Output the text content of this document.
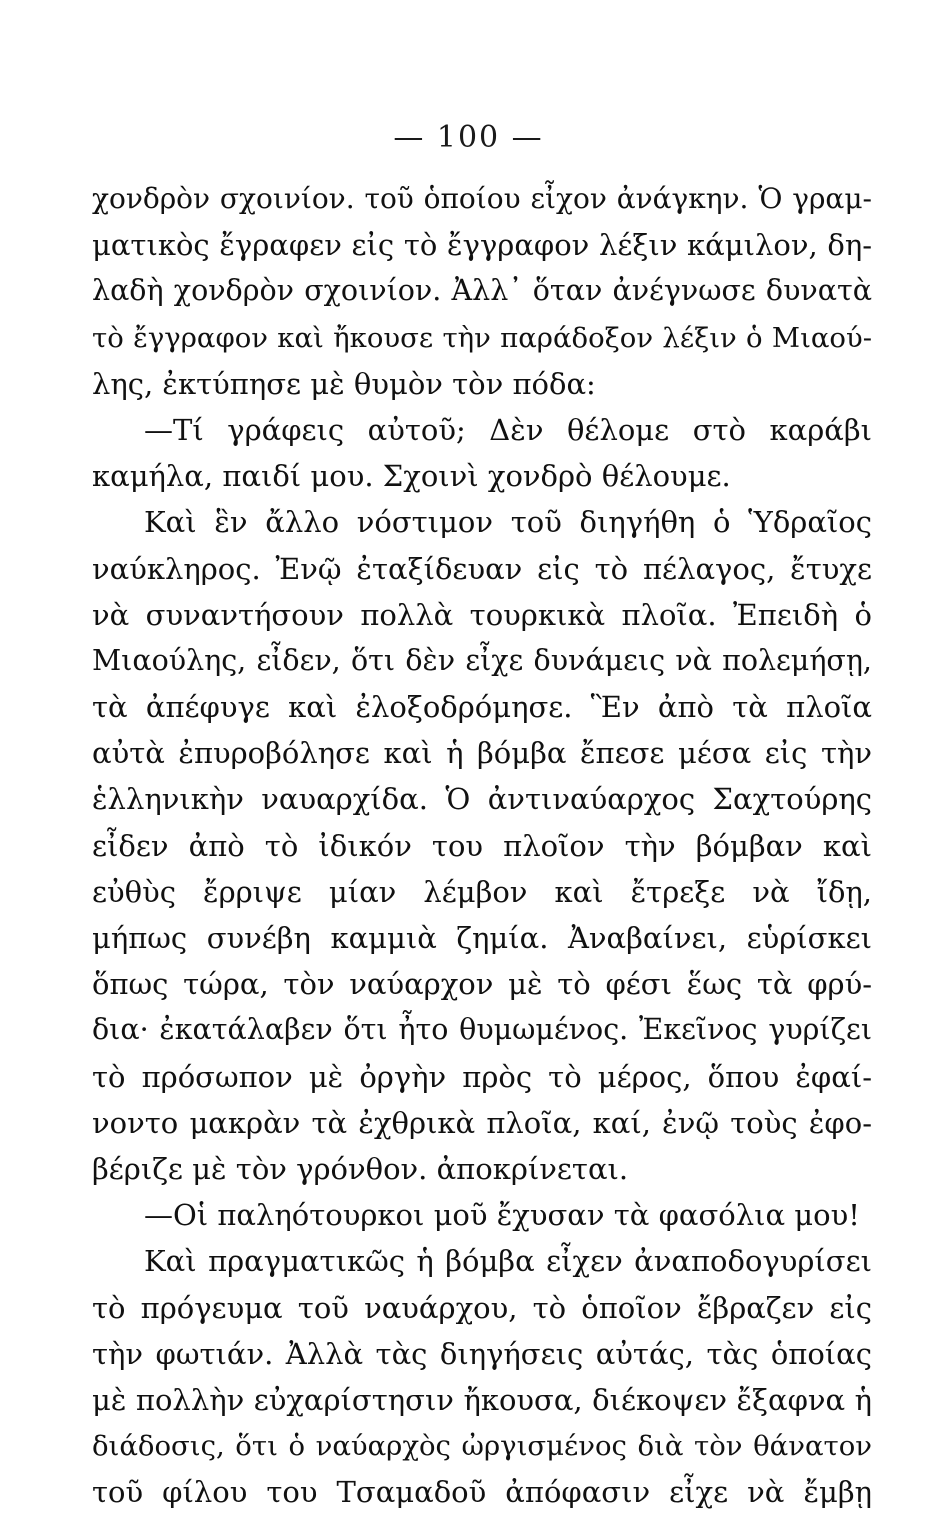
— 100 —
χονδρὸν σχοινίον. τοῦ ὁποίου εἶχον ἀνάγκην. Ὁ γραμ-
ματικὸς ἔγραφεν εἰς τὸ ἔγγραφον λέξιν κάμιλον, δη-
λαδὴ χονδρὸν σχοινίον. Ἀλλ᾽ ὅταν ἀνέγνωσε δυνατὰ
τὸ ἔγγραφον καὶ ἤκουσε τὴν παράδοξον λέξιν ὁ Μιαού-
λης, ἐκτύπησε μὲ θυμὸν τὸν πόδα:
—Τί γράφεις αὐτοῦ; Δὲν θέλομε στὸ καράβι
καμήλα, παιδί μου. Σχοινὶ χονδρὸ θέλουμε.
Καὶ ἓν ἄλλο νόστιμον τοῦ διηγήθη ὁ Ὑδραῖος
ναύκληρος. Ἐνῷ ἐταξίδευαν εἰς τὸ πέλαγος, ἔτυχε
νὰ συναντήσουν πολλὰ τουρκικὰ πλοῖα. Ἐπειδὴ ὁ
Μιαούλης, εἶδεν, ὅτι δὲν εἶχε δυνάμεις νὰ πολεμήσῃ,
τὰ ἀπέφυγε καὶ ἐλοξοδρόμησε. Ἓν ἀπὸ τὰ πλοῖα
αὐτὰ ἐπυροβόλησε καὶ ἡ βόμβα ἔπεσε μέσα εἰς τὴν
ἑλληνικὴν ναυαρχίδα. Ὁ ἀντιναύαρχος Σαχτούρης
εἶδεν ἀπὸ τὸ ἰδικόν του πλοῖον τὴν βόμβαν καὶ
εὐθὺς ἔρριψε μίαν λέμβον καὶ ἔτρεξε νὰ ἴδῃ,
μήπως συνέβη καμμιὰ ζημία. Ἀναβαίνει, εὑρίσκει
ὅπως τώρα, τὸν ναύαρχον μὲ τὸ φέσι ἕως τὰ φρύ-
δια· ἐκατάλαβεν ὅτι ἦτο θυμωμένος. Ἐκεῖνος γυρίζει
τὸ πρόσωπον μὲ ὀργὴν πρὸς τὸ μέρος, ὅπου ἐφαί-
νοντο μακρὰν τὰ ἐχθρικὰ πλοῖα, καί, ἐνῷ τοὺς ἐφο-
βέριζε μὲ τὸν γρόνθον. ἀποκρίνεται.
—Οἱ παληότουρκοι μοῦ ἔχυσαν τὰ φασόλια μου!
Καὶ πραγματικῶς ἡ βόμβα εἶχεν ἀναποδογυρίσει
τὸ πρόγευμα τοῦ ναυάρχου, τὸ ὁποῖον ἔβραζεν εἰς
τὴν φωτιάν. Ἀλλὰ τὰς διηγήσεις αὐτάς, τὰς ὁποίας
μὲ πολλὴν εὐχαρίστησιν ἤκουσα, διέκοψεν ἔξαφνα ἡ
διάδοσις, ὅτι ὁ ναύαρχὸς ὠργισμένος διὰ τὸν θάνατον
τοῦ φίλου του Τσαμαδοῦ ἀπόφασιν εἶχε νὰ ἔμβῃ
